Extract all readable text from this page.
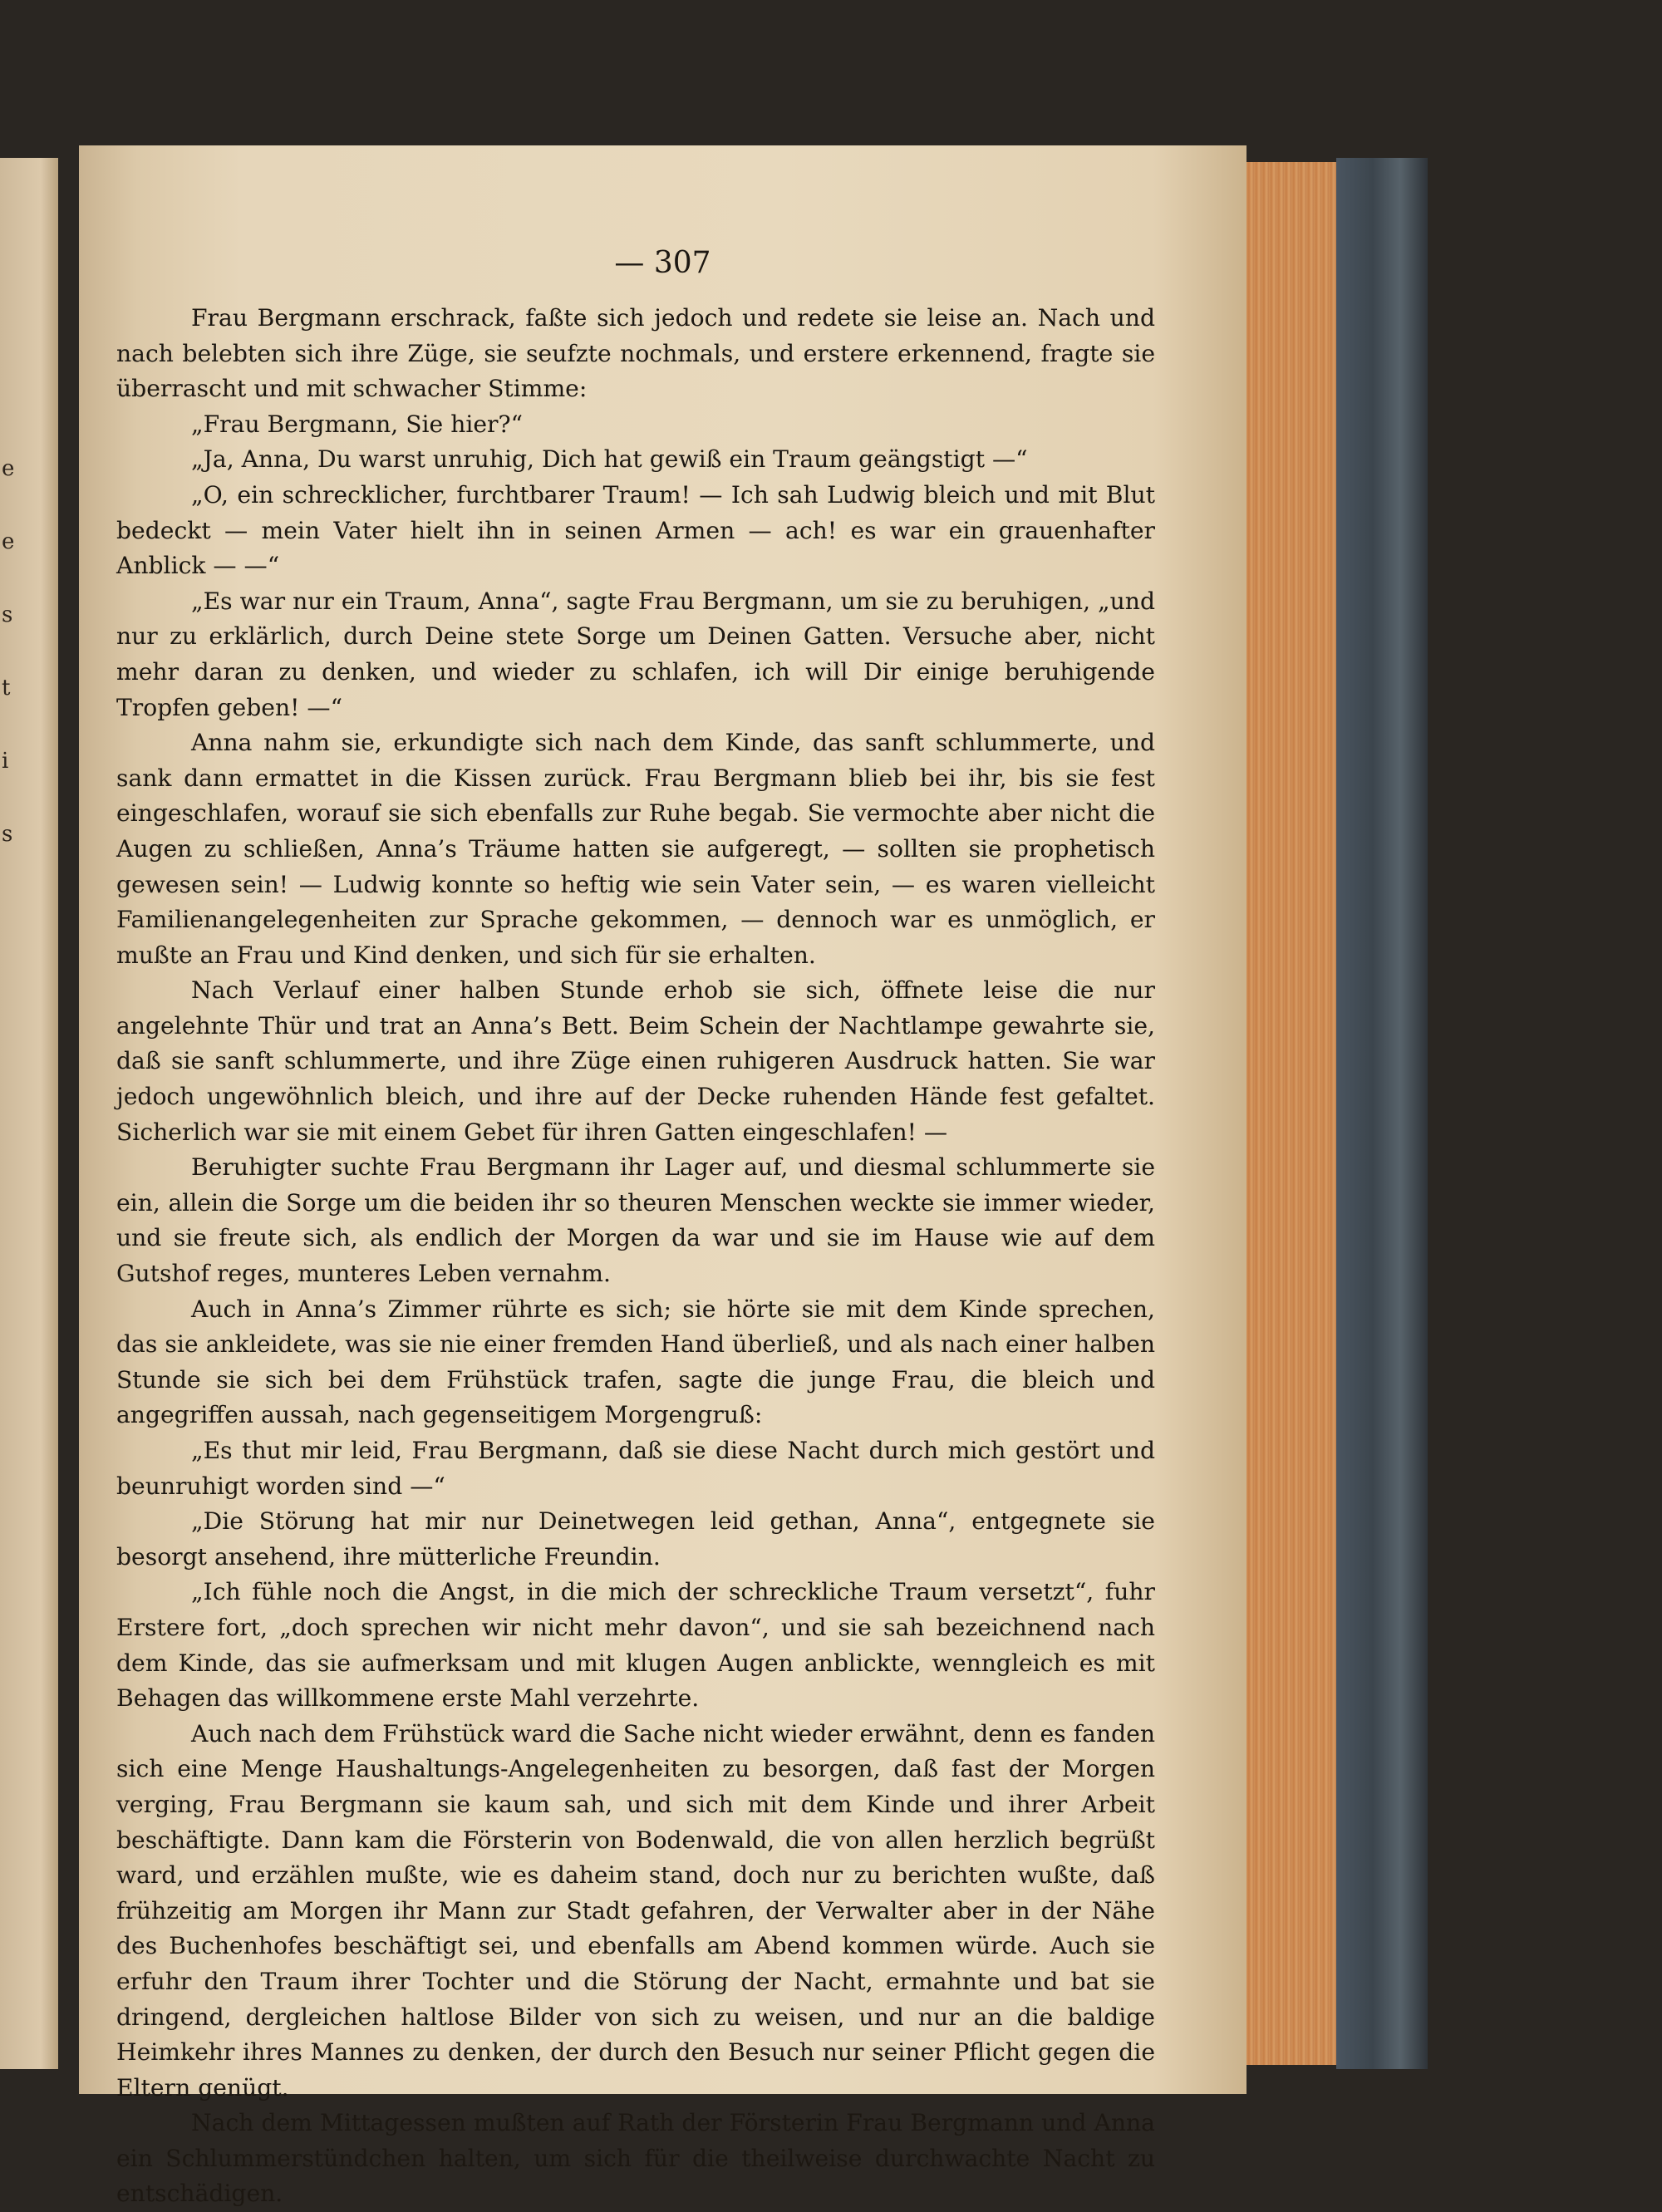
e
e
s
t
i
s
— 307

Frau Bergmann erschrack, faßte sich jedoch und redete sie leise an. Nach und nach belebten sich ihre Züge, sie seufzte nochmals, und erstere erkennend, fragte sie überrascht und mit schwacher Stimme:

„Frau Bergmann, Sie hier?“

„Ja, Anna, Du warst unruhig, Dich hat gewiß ein Traum geängstigt —“

„O, ein schrecklicher, furchtbarer Traum! — Ich sah Ludwig bleich und mit Blut bedeckt — mein Vater hielt ihn in seinen Armen — ach! es war ein grauenhafter Anblick — —“

„Es war nur ein Traum, Anna“, sagte Frau Bergmann, um sie zu beruhigen, „und nur zu erklärlich, durch Deine stete Sorge um Deinen Gatten. Versuche aber, nicht mehr daran zu denken, und wieder zu schlafen, ich will Dir einige beruhigende Tropfen geben! —“

Anna nahm sie, erkundigte sich nach dem Kinde, das sanft schlummerte, und sank dann ermattet in die Kissen zurück. Frau Bergmann blieb bei ihr, bis sie fest eingeschlafen, worauf sie sich ebenfalls zur Ruhe begab. Sie vermochte aber nicht die Augen zu schließen, Anna’s Träume hatten sie aufgeregt, — sollten sie prophetisch gewesen sein! — Ludwig konnte so heftig wie sein Vater sein, — es waren vielleicht Familienangelegenheiten zur Sprache gekommen, — dennoch war es unmöglich, er mußte an Frau und Kind denken, und sich für sie erhalten.

Nach Verlauf einer halben Stunde erhob sie sich, öffnete leise die nur angelehnte Thür und trat an Anna’s Bett. Beim Schein der Nachtlampe gewahrte sie, daß sie sanft schlummerte, und ihre Züge einen ruhigeren Ausdruck hatten. Sie war jedoch ungewöhnlich bleich, und ihre auf der Decke ruhenden Hände fest gefaltet. Sicherlich war sie mit einem Gebet für ihren Gatten eingeschlafen! —

Beruhigter suchte Frau Bergmann ihr Lager auf, und diesmal schlummerte sie ein, allein die Sorge um die beiden ihr so theuren Menschen weckte sie immer wieder, und sie freute sich, als endlich der Morgen da war und sie im Hause wie auf dem Gutshof reges, munteres Leben vernahm.

Auch in Anna’s Zimmer rührte es sich; sie hörte sie mit dem Kinde sprechen, das sie ankleidete, was sie nie einer fremden Hand überließ, und als nach einer halben Stunde sie sich bei dem Frühstück trafen, sagte die junge Frau, die bleich und angegriffen aussah, nach gegenseitigem Morgengruß:

„Es thut mir leid, Frau Bergmann, daß sie diese Nacht durch mich gestört und beunruhigt worden sind —“

„Die Störung hat mir nur Deinetwegen leid gethan, Anna“, entgegnete sie besorgt ansehend, ihre mütterliche Freundin.

„Ich fühle noch die Angst, in die mich der schreckliche Traum versetzt“, fuhr Erstere fort, „doch sprechen wir nicht mehr davon“, und sie sah bezeichnend nach dem Kinde, das sie aufmerksam und mit klugen Augen anblickte, wenngleich es mit Behagen das willkommene erste Mahl verzehrte.

Auch nach dem Frühstück ward die Sache nicht wieder erwähnt, denn es fanden sich eine Menge Haushaltungs-Angelegenheiten zu besorgen, daß fast der Morgen verging, Frau Bergmann sie kaum sah, und sich mit dem Kinde und ihrer Arbeit beschäftigte. Dann kam die Försterin von Bodenwald, die von allen herzlich begrüßt ward, und erzählen mußte, wie es daheim stand, doch nur zu berichten wußte, daß frühzeitig am Morgen ihr Mann zur Stadt gefahren, der Verwalter aber in der Nähe des Buchenhofes beschäftigt sei, und ebenfalls am Abend kommen würde. Auch sie erfuhr den Traum ihrer Tochter und die Störung der Nacht, ermahnte und bat sie dringend, dergleichen haltlose Bilder von sich zu weisen, und nur an die baldige Heimkehr ihres Mannes zu denken, der durch den Besuch nur seiner Pflicht gegen die Eltern genügt.

Nach dem Mittagessen mußten auf Rath der Försterin Frau Bergmann und Anna ein Schlummerstündchen halten, um sich für die theilweise durchwachte Nacht zu entschädigen.
